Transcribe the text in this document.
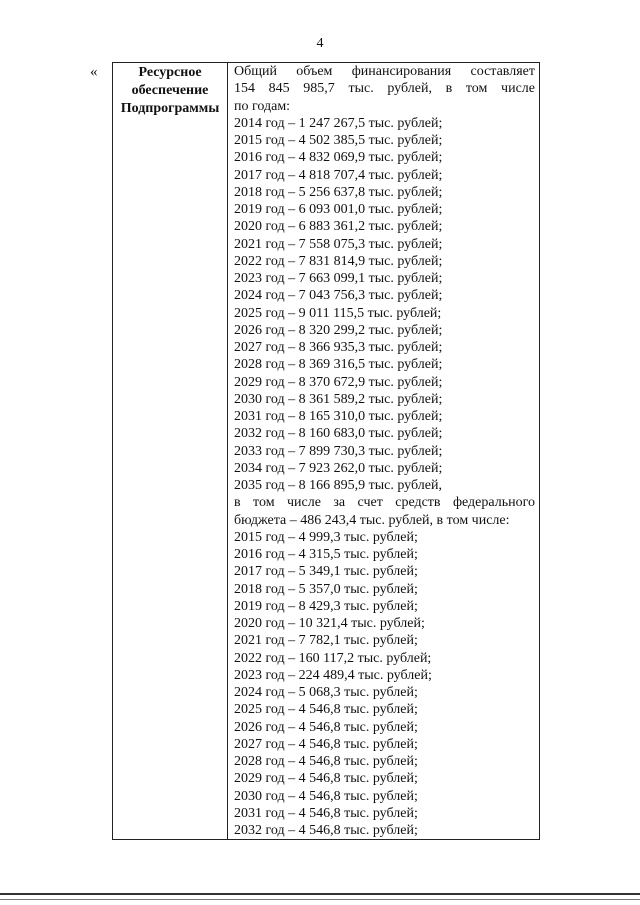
4
«	Ресурсное
обеспечение
Подпрограммы

Общий объем финансирования составляет
154 845 985,7 тыс. рублей, в том числе
по годам:
2014 год – 1 247 267,5 тыс. рублей;
2015 год – 4 502 385,5 тыс. рублей;
2016 год – 4 832 069,9 тыс. рублей;
2017 год – 4 818 707,4 тыс. рублей;
2018 год – 5 256 637,8 тыс. рублей;
2019 год – 6 093 001,0 тыс. рублей;
2020 год – 6 883 361,2 тыс. рублей;
2021 год – 7 558 075,3 тыс. рублей;
2022 год – 7 831 814,9 тыс. рублей;
2023 год – 7 663 099,1 тыс. рублей;
2024 год – 7 043 756,3 тыс. рублей;
2025 год – 9 011 115,5 тыс. рублей;
2026 год – 8 320 299,2 тыс. рублей;
2027 год – 8 366 935,3 тыс. рублей;
2028 год – 8 369 316,5 тыс. рублей;
2029 год – 8 370 672,9 тыс. рублей;
2030 год – 8 361 589,2 тыс. рублей;
2031 год – 8 165 310,0 тыс. рублей;
2032 год – 8 160 683,0 тыс. рублей;
2033 год – 7 899 730,3 тыс. рублей;
2034 год – 7 923 262,0 тыс. рублей;
2035 год – 8 166 895,9 тыс. рублей,
в том числе за счет средств федерального
бюджета – 486 243,4 тыс. рублей, в том числе:
2015 год – 4 999,3 тыс. рублей;
2016 год – 4 315,5 тыс. рублей;
2017 год – 5 349,1 тыс. рублей;
2018 год – 5 357,0 тыс. рублей;
2019 год – 8 429,3 тыс. рублей;
2020 год – 10 321,4 тыс. рублей;
2021 год – 7 782,1 тыс. рублей;
2022 год – 160 117,2 тыс. рублей;
2023 год – 224 489,4 тыс. рублей;
2024 год – 5 068,3 тыс. рублей;
2025 год – 4 546,8 тыс. рублей;
2026 год – 4 546,8 тыс. рублей;
2027 год – 4 546,8 тыс. рублей;
2028 год – 4 546,8 тыс. рублей;
2029 год – 4 546,8 тыс. рублей;
2030 год – 4 546,8 тыс. рублей;
2031 год – 4 546,8 тыс. рублей;
2032 год – 4 546,8 тыс. рублей;
